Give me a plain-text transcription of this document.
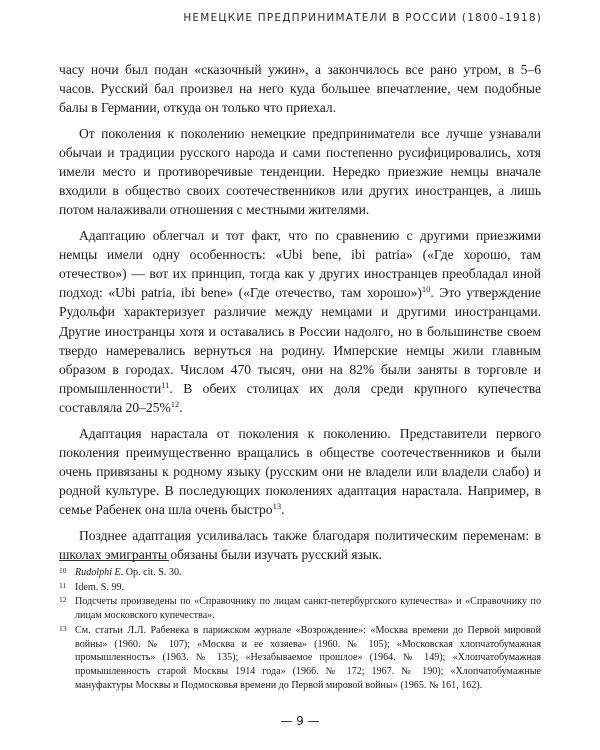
НЕМЕЦКИЕ ПРЕДПРИНИМАТЕЛИ В РОССИИ (1800–1918)

часу ночи был подан «сказочный ужин», а закончилось все рано утром, в 5–6 часов. Русский бал произвел на него куда большее впечатление, чем подобные балы в Германии, откуда он только что приехал.

От поколения к поколению немецкие предприниматели все лучше узнавали обычаи и традиции русского народа и сами постепенно русифицировались, хотя имели место и противоречивые тенденции. Нередко приезжие немцы вначале входили в общество своих соотечественников или других иностранцев, а лишь потом налаживали отношения с местными жителями.

Адаптацию облегчал и тот факт, что по сравнению с другими приезжими немцы имели одну особенность: «Ubi bene, ibi patria» («Где хорошо, там отечество») — вот их принцип, тогда как у других иностранцев преобладал иной подход: «Ubi patria, ibi bene» («Где отечество, там хорошо»)$^{10}$. Это утверждение Рудольфи характеризует различие между немцами и другими иностранцами. Другие иностранцы хотя и оставались в России надолго, но в большинстве своем твердо намеревались вернуться на родину. Имперские немцы жили главным образом в городах. Числом 470 тысяч, они на 82% были заняты в торговле и промышленности$^{11}$. В обеих столицах их доля среди крупного купечества составляла 20–25%$^{12}$.

Адаптация нарастала от поколения к поколению. Представители первого поколения преимущественно вращались в обществе соотечественников и были очень привязаны к родному языку (русским они не владели или владели слабо) и родной культуре. В последующих поколениях адаптация нарастала. Например, в семье Рабенек она шла очень быстро$^{13}$.

Позднее адаптация усиливалась также благодаря политическим переменам: в школах эмигранты обязаны были изучать русский язык.

10 Rudolphi E. Op. cit. S. 30.
11 Idem. S. 99.
12 Подсчеты произведены по «Справочнику по лицам санкт-петербургского купечества» и «Справочнику по лицам московского купечества».
13 См. статьи Л.Л. Рабенека в парижском журнале «Возрождение»: «Москва времени до Первой мировой войны» (1960. № 107); «Москва и ее хозяева» (1960. № 105); «Московская хлопчатобумажная промышленность» (1963. № 135); «Незабываемое прошлое» (1964. № 149); «Хлопчатобумажная промышленность старой Москвы 1914 года» (1966. № 172; 1967. № 190); «Хлопчатобумажные мануфактуры Москвы и Подмосковья времени до Первой мировой войны» (1965. № 161, 162).
— 9 —
